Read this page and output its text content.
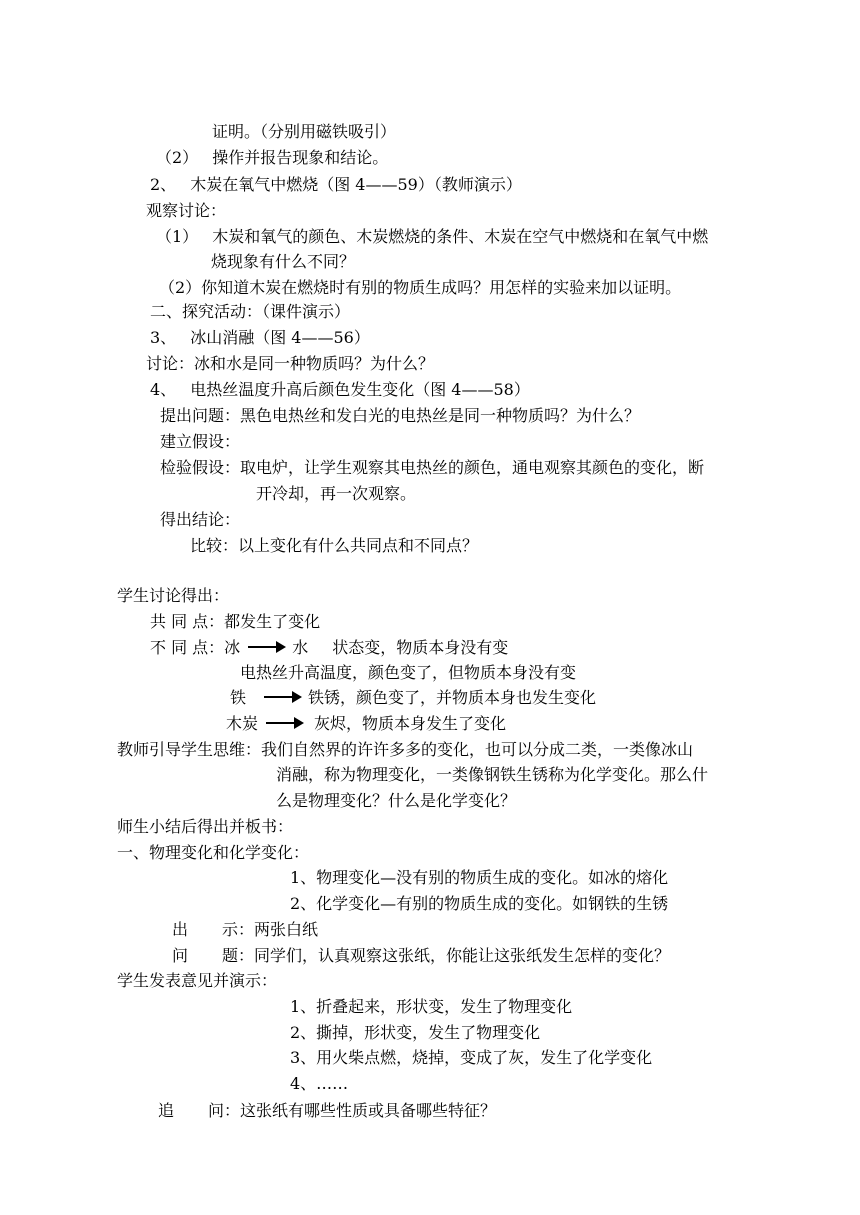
证明。（分别用磁铁吸引）
（2） 操作并报告现象和结论。
2、 木炭在氧气中燃烧（图 4——59）（教师演示）
观察讨论：
（1） 木炭和氧气的颜色、木炭燃烧的条件、木炭在空气中燃烧和在氧气中燃
烧现象有什么不同？
（2）你知道木炭在燃烧时有别的物质生成吗？用怎样的实验来加以证明。
二、探究活动：（课件演示）
3、 冰山消融（图 4——56）
讨论：冰和水是同一种物质吗？为什么？
4、 电热丝温度升高后颜色发生变化（图 4——58）
提出问题：黑色电热丝和发白光的电热丝是同一种物质吗？为什么？
建立假设：
检验假设：取电炉，让学生观察其电热丝的颜色，通电观察其颜色的变化，断
开冷却，再一次观察。
得出结论：
比较：以上变化有什么共同点和不同点？
学生讨论得出：
共 同 点：都发生了变化
不 同 点：冰	水 状态变，物质本身没有变
电热丝升高温度，颜色变了，但物质本身没有变
铁	铁锈，颜色变了，并物质本身也发生变化
木炭	灰烬，物质本身发生了变化
教师引导学生思维：我们自然界的许许多多的变化，也可以分成二类，一类像冰山
消融，称为物理变化，一类像钢铁生锈称为化学变化。那么什
么是物理变化？什么是化学变化？
师生小结后得出并板书：
一、物理变化和化学变化：
1、物理变化—没有别的物质生成的变化。如冰的熔化
2、化学变化—有别的物质生成的变化。如钢铁的生锈
出 示：两张白纸
问 题：同学们，认真观察这张纸，你能让这张纸发生怎样的变化？
学生发表意见并演示：
1、折叠起来，形状变，发生了物理变化
2、撕掉，形状变，发生了物理变化
3、用火柴点燃，烧掉，变成了灰，发生了化学变化
4、……
追 问：这张纸有哪些性质或具备哪些特征？
